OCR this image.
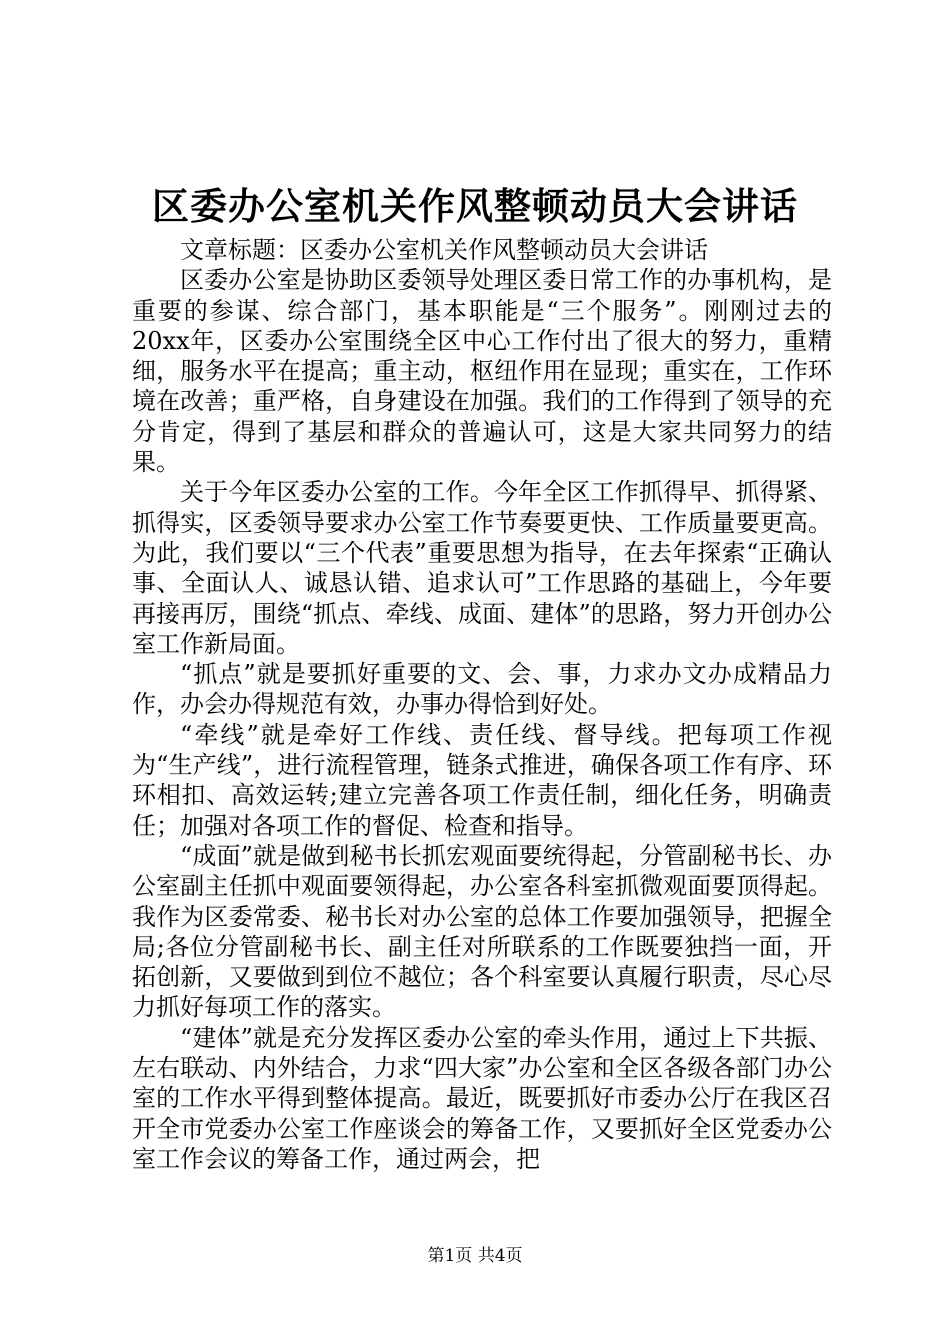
区委办公室机关作风整顿动员大会讲话

文章标题：区委办公室机关作风整顿动员大会讲话

区委办公室是协助区委领导处理区委日常工作的办事机构，是重要的参谋、综合部门，基本职能是“三个服务”。刚刚过去的20xx年，区委办公室围绕全区中心工作付出了很大的努力，重精细，服务水平在提高；重主动，枢纽作用在显现；重实在，工作环境在改善；重严格，自身建设在加强。我们的工作得到了领导的充分肯定，得到了基层和群众的普遍认可，这是大家共同努力的结果。

关于今年区委办公室的工作。今年全区工作抓得早、抓得紧、抓得实，区委领导要求办公室工作节奏要更快、工作质量要更高。为此，我们要以“三个代表”重要思想为指导，在去年探索“正确认事、全面认人、诚恳认错、追求认可”工作思路的基础上，今年要再接再厉，围绕“抓点、牵线、成面、建体”的思路，努力开创办公室工作新局面。

“抓点”就是要抓好重要的文、会、事，力求办文办成精品力作，办会办得规范有效，办事办得恰到好处。

“牵线”就是牵好工作线、责任线、督导线。把每项工作视为“生产线”，进行流程管理，链条式推进，确保各项工作有序、环环相扣、高效运转;建立完善各项工作责任制，细化任务，明确责任；加强对各项工作的督促、检查和指导。

“成面”就是做到秘书长抓宏观面要统得起，分管副秘书长、办公室副主任抓中观面要领得起，办公室各科室抓微观面要顶得起。我作为区委常委、秘书长对办公室的总体工作要加强领导，把握全局;各位分管副秘书长、副主任对所联系的工作既要独挡一面，开拓创新，又要做到到位不越位；各个科室要认真履行职责，尽心尽力抓好每项工作的落实。

“建体”就是充分发挥区委办公室的牵头作用，通过上下共振、左右联动、内外结合，力求“四大家”办公室和全区各级各部门办公室的工作水平得到整体提高。最近，既要抓好市委办公厅在我区召开全市党委办公室工作座谈会的筹备工作，又要抓好全区党委办公室工作会议的筹备工作，通过两会，把

第1页 共4页
